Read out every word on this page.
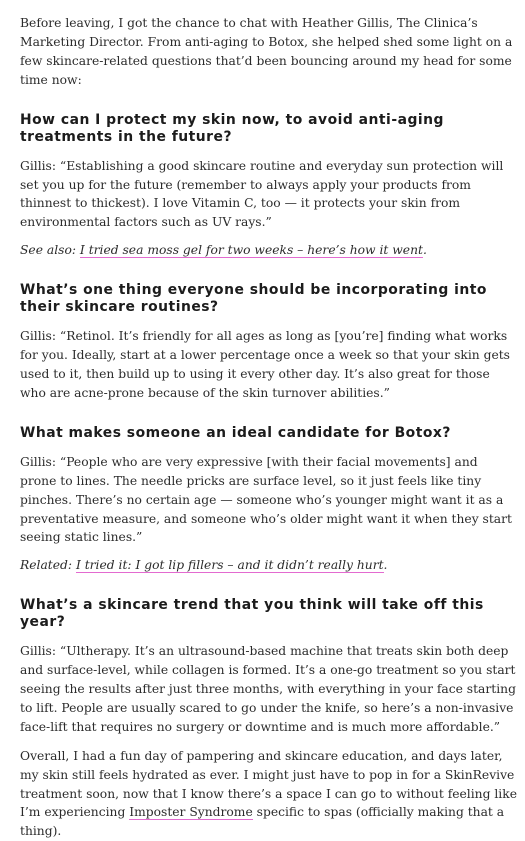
Before leaving, I got the chance to chat with Heather Gillis, The Clinica’s Marketing Director. From anti-aging to Botox, she helped shed some light on a few skincare-related questions that’d been bouncing around my head for some time now:

How can I protect my skin now, to avoid anti-aging treatments in the future?

Gillis: “Establishing a good skincare routine and everyday sun protection will set you up for the future (remember to always apply your products from thinnest to thickest). I love Vitamin C, too — it protects your skin from environmental factors such as UV rays.”

See also: I tried sea moss gel for two weeks – here’s how it went.

What’s one thing everyone should be incorporating into their skincare routines?

Gillis: “Retinol. It’s friendly for all ages as long as [you’re] finding what works for you. Ideally, start at a lower percentage once a week so that your skin gets used to it, then build up to using it every other day. It’s also great for those who are acne-prone because of the skin turnover abilities.”

What makes someone an ideal candidate for Botox?

Gillis: “People who are very expressive [with their facial movements] and prone to lines. The needle pricks are surface level, so it just feels like tiny pinches. There’s no certain age — someone who’s younger might want it as a preventative measure, and someone who’s older might want it when they start seeing static lines.”

Related: I tried it: I got lip fillers – and it didn’t really hurt.

What’s a skincare trend that you think will take off this year?

Gillis: “Ultherapy. It’s an ultrasound-based machine that treats skin both deep and surface-level, while collagen is formed. It’s a one-go treatment so you start seeing the results after just three months, with everything in your face starting to lift. People are usually scared to go under the knife, so here’s a non-invasive face-lift that requires no surgery or downtime and is much more affordable.”

Overall, I had a fun day of pampering and skincare education, and days later, my skin still feels hydrated as ever. I might just have to pop in for a SkinRevive treatment soon, now that I know there’s a space I can go to without feeling like I’m experiencing Imposter Syndrome specific to spas (officially making that a thing).
